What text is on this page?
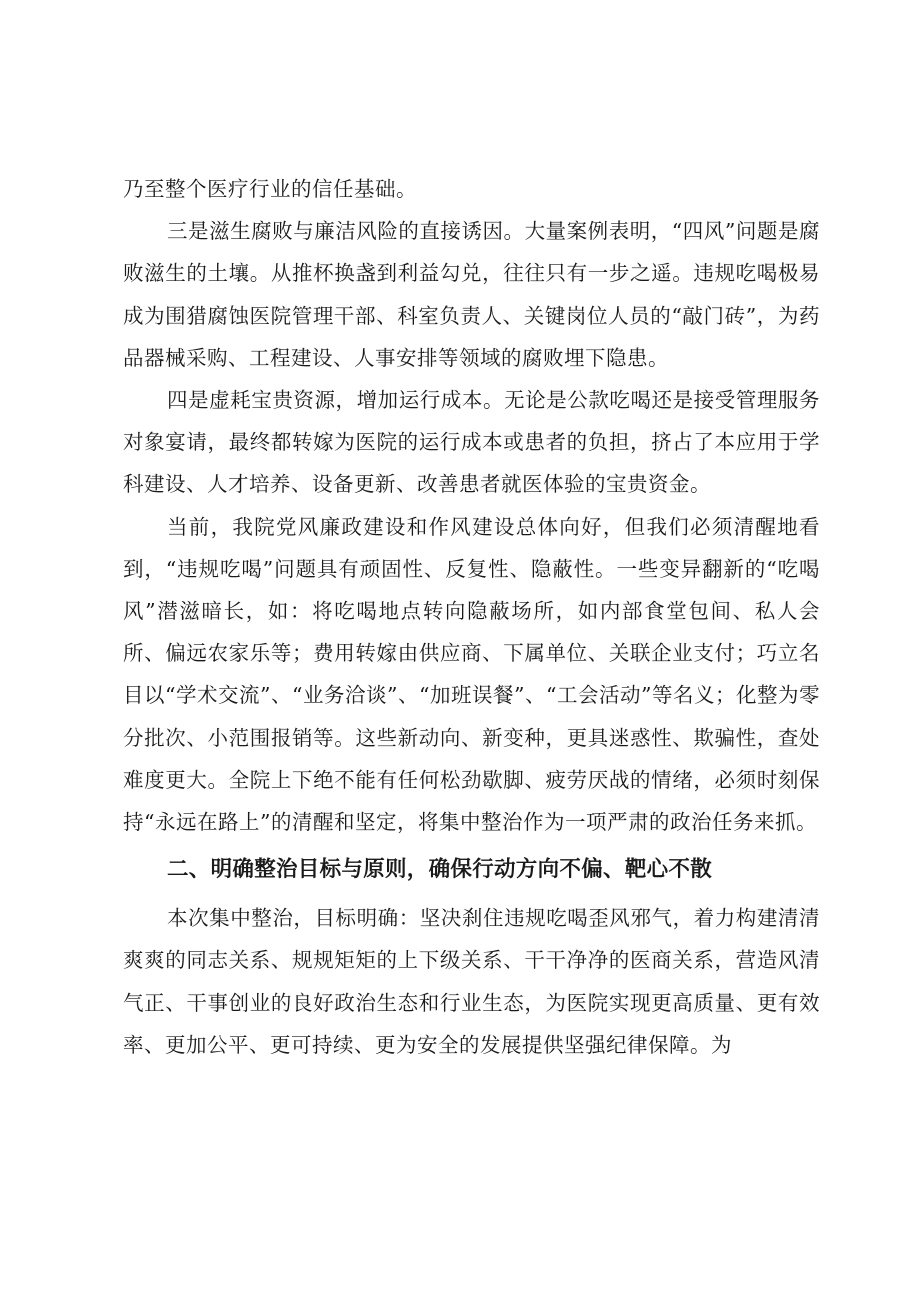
乃至整个医疗行业的信任基础。

三是滋生腐败与廉洁风险的直接诱因。大量案例表明，“四风”问题是腐败滋生的土壤。从推杯换盏到利益勾兑，往往只有一步之遥。违规吃喝极易成为围猎腐蚀医院管理干部、科室负责人、关键岗位人员的“敲门砖”，为药品器械采购、工程建设、人事安排等领域的腐败埋下隐患。

四是虚耗宝贵资源，增加运行成本。无论是公款吃喝还是接受管理服务对象宴请，最终都转嫁为医院的运行成本或患者的负担，挤占了本应用于学科建设、人才培养、设备更新、改善患者就医体验的宝贵资金。

当前，我院党风廉政建设和作风建设总体向好，但我们必须清醒地看到，“违规吃喝”问题具有顽固性、反复性、隐蔽性。一些变异翻新的“吃喝风”潜滋暗长，如：将吃喝地点转向隐蔽场所，如内部食堂包间、私人会所、偏远农家乐等；费用转嫁由供应商、下属单位、关联企业支付；巧立名目以“学术交流”、“业务洽谈”、“加班误餐”、“工会活动”等名义；化整为零分批次、小范围报销等。这些新动向、新变种，更具迷惑性、欺骗性，查处难度更大。全院上下绝不能有任何松劲歇脚、疲劳厌战的情绪，必须时刻保持“永远在路上”的清醒和坚定，将集中整治作为一项严肃的政治任务来抓。

二、明确整治目标与原则，确保行动方向不偏、靶心不散

本次集中整治，目标明确：坚决刹住违规吃喝歪风邪气，着力构建清清爽爽的同志关系、规规矩矩的上下级关系、干干净净的医商关系，营造风清气正、干事创业的良好政治生态和行业生态，为医院实现更高质量、更有效率、更加公平、更可持续、更为安全的发展提供坚强纪律保障。为
